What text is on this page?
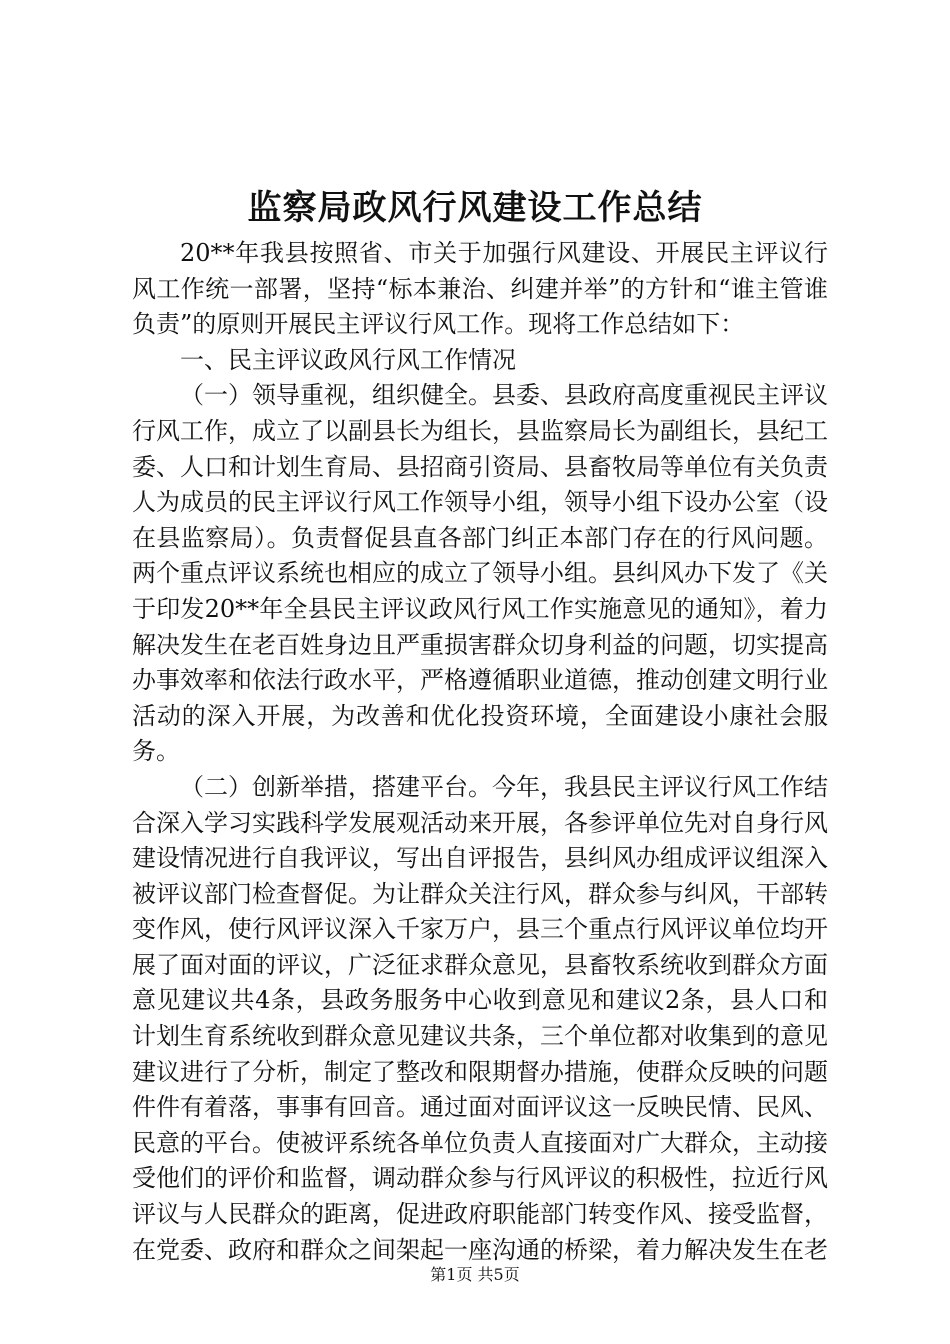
监察局政风行风建设工作总结

20**年我县按照省、市关于加强行风建设、开展民主评议行风工作统一部署，坚持“标本兼治、纠建并举”的方针和“谁主管谁负责”的原则开展民主评议行风工作。现将工作总结如下：

一、民主评议政风行风工作情况

（一）领导重视，组织健全。县委、县政府高度重视民主评议行风工作，成立了以副县长为组长，县监察局长为副组长，县纪工委、人口和计划生育局、县招商引资局、县畜牧局等单位有关负责人为成员的民主评议行风工作领导小组，领导小组下设办公室（设在县监察局）。负责督促县直各部门纠正本部门存在的行风问题。两个重点评议系统也相应的成立了领导小组。县纠风办下发了《关于印发20**年全县民主评议政风行风工作实施意见的通知》，着力解决发生在老百姓身边且严重损害群众切身利益的问题，切实提高办事效率和依法行政水平，严格遵循职业道德，推动创建文明行业活动的深入开展，为改善和优化投资环境，全面建设小康社会服务。

（二）创新举措，搭建平台。今年，我县民主评议行风工作结合深入学习实践科学发展观活动来开展，各参评单位先对自身行风建设情况进行自我评议，写出自评报告，县纠风办组成评议组深入被评议部门检查督促。为让群众关注行风，群众参与纠风，干部转变作风，使行风评议深入千家万户，县三个重点行风评议单位均开展了面对面的评议，广泛征求群众意见，县畜牧系统收到群众方面意见建议共4条，县政务服务中心收到意见和建议2条，县人口和计划生育系统收到群众意见建议共条，三个单位都对收集到的意见建议进行了分析，制定了整改和限期督办措施，使群众反映的问题件件有着落，事事有回音。通过面对面评议这一反映民情、民风、民意的平台。使被评系统各单位负责人直接面对广大群众，主动接受他们的评价和监督，调动群众参与行风评议的积极性，拉近行风评议与人民群众的距离，促进政府职能部门转变作风、接受监督，在党委、政府和群众之间架起一座沟通的桥梁，着力解决发生在老

第1页 共5页
